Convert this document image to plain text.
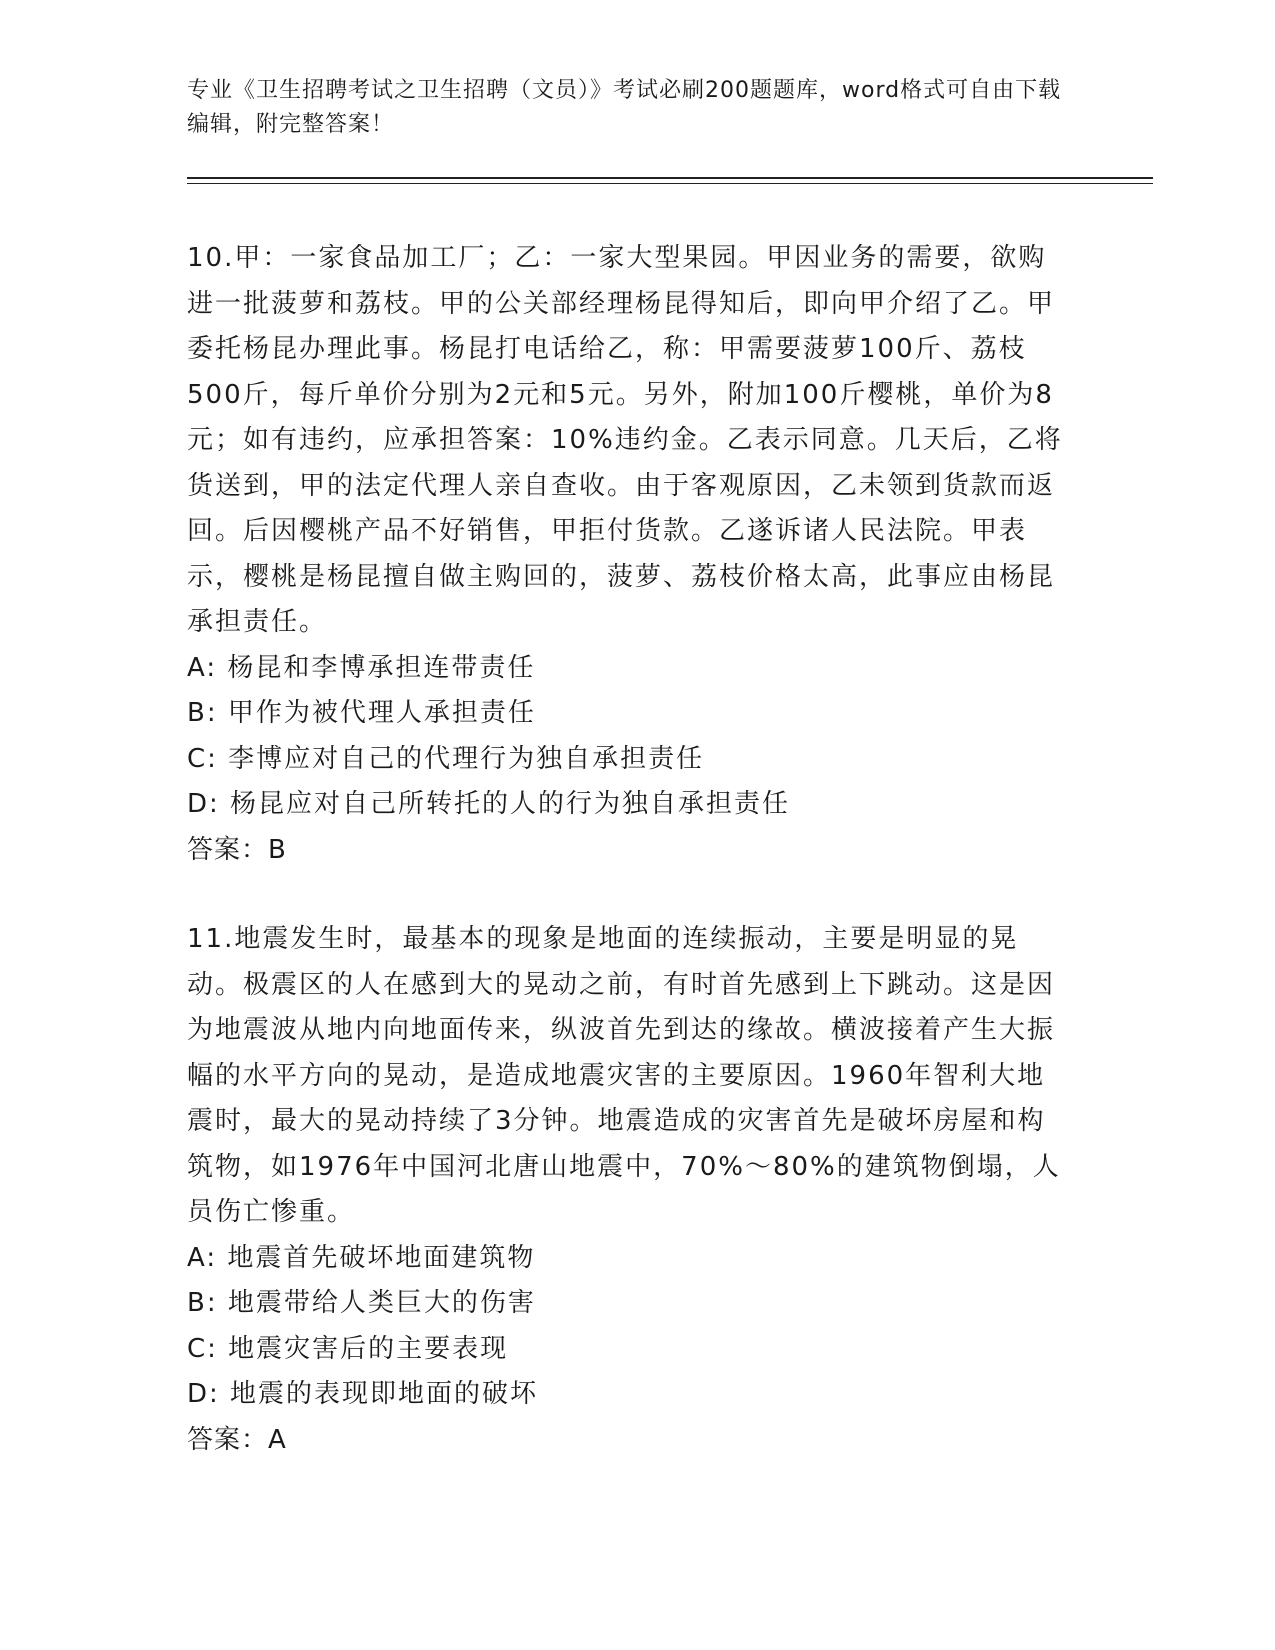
专业《卫生招聘考试之卫生招聘（文员）》考试必刷200题题库，word格式可自由下载编辑，附完整答案！

10.甲：一家食品加工厂；乙：一家大型果园。甲因业务的需要，欲购进一批菠萝和荔枝。甲的公关部经理杨昆得知后，即向甲介绍了乙。甲委托杨昆办理此事。杨昆打电话给乙，称：甲需要菠萝100斤、荔枝500斤，每斤单价分别为2元和5元。另外，附加100斤樱桃，单价为8元；如有违约，应承担答案：10%违约金。乙表示同意。几天后，乙将货送到，甲的法定代理人亲自查收。由于客观原因，乙未领到货款而返回。后因樱桃产品不好销售，甲拒付货款。乙遂诉诸人民法院。甲表示，樱桃是杨昆擅自做主购回的，菠萝、荔枝价格太高，此事应由杨昆承担责任。

A: 杨昆和李博承担连带责任

B: 甲作为被代理人承担责任

C: 李博应对自己的代理行为独自承担责任

D: 杨昆应对自己所转托的人的行为独自承担责任

答案：B

11.地震发生时，最基本的现象是地面的连续振动，主要是明显的晃动。极震区的人在感到大的晃动之前，有时首先感到上下跳动。这是因为地震波从地内向地面传来，纵波首先到达的缘故。横波接着产生大振幅的水平方向的晃动，是造成地震灾害的主要原因。1960年智利大地震时，最大的晃动持续了3分钟。地震造成的灾害首先是破坏房屋和构筑物，如1976年中国河北唐山地震中，70%～80%的建筑物倒塌，人员伤亡惨重。

A: 地震首先破坏地面建筑物

B: 地震带给人类巨大的伤害

C: 地震灾害后的主要表现

D: 地震的表现即地面的破坏

答案：A
